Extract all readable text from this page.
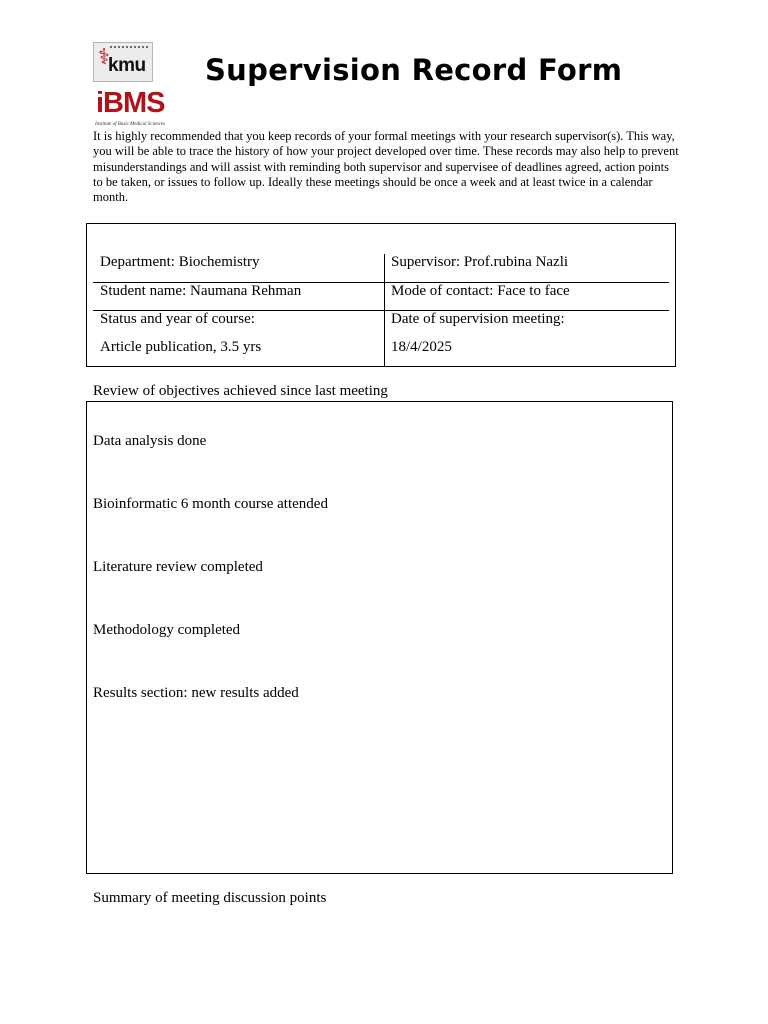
⚕
kmu
iBMS
Institute of Basic Medical Sciences
Supervision Record Form
It is highly recommended that you keep records of your formal meetings with your research supervisor(s). This way, you will be able to trace the history of how your project developed over time. These records may also help to prevent misunderstandings and will assist with reminding both supervisor and supervisee of deadlines agreed, action points to be taken, or issues to follow up. Ideally these meetings should be once a week and at least twice in a calendar month.
Department: Biochemistry	Supervisor: Prof.rubina Nazli
Student name: Naumana Rehman	Mode of contact: Face to face
Status and year of course:	Date of supervision meeting:
Article publication, 3.5 yrs	18/4/2025
Review of objectives achieved since last meeting
Data analysis done
Bioinformatic 6 month course attended
Literature review completed
Methodology completed
Results section: new results added
Summary of meeting discussion points
